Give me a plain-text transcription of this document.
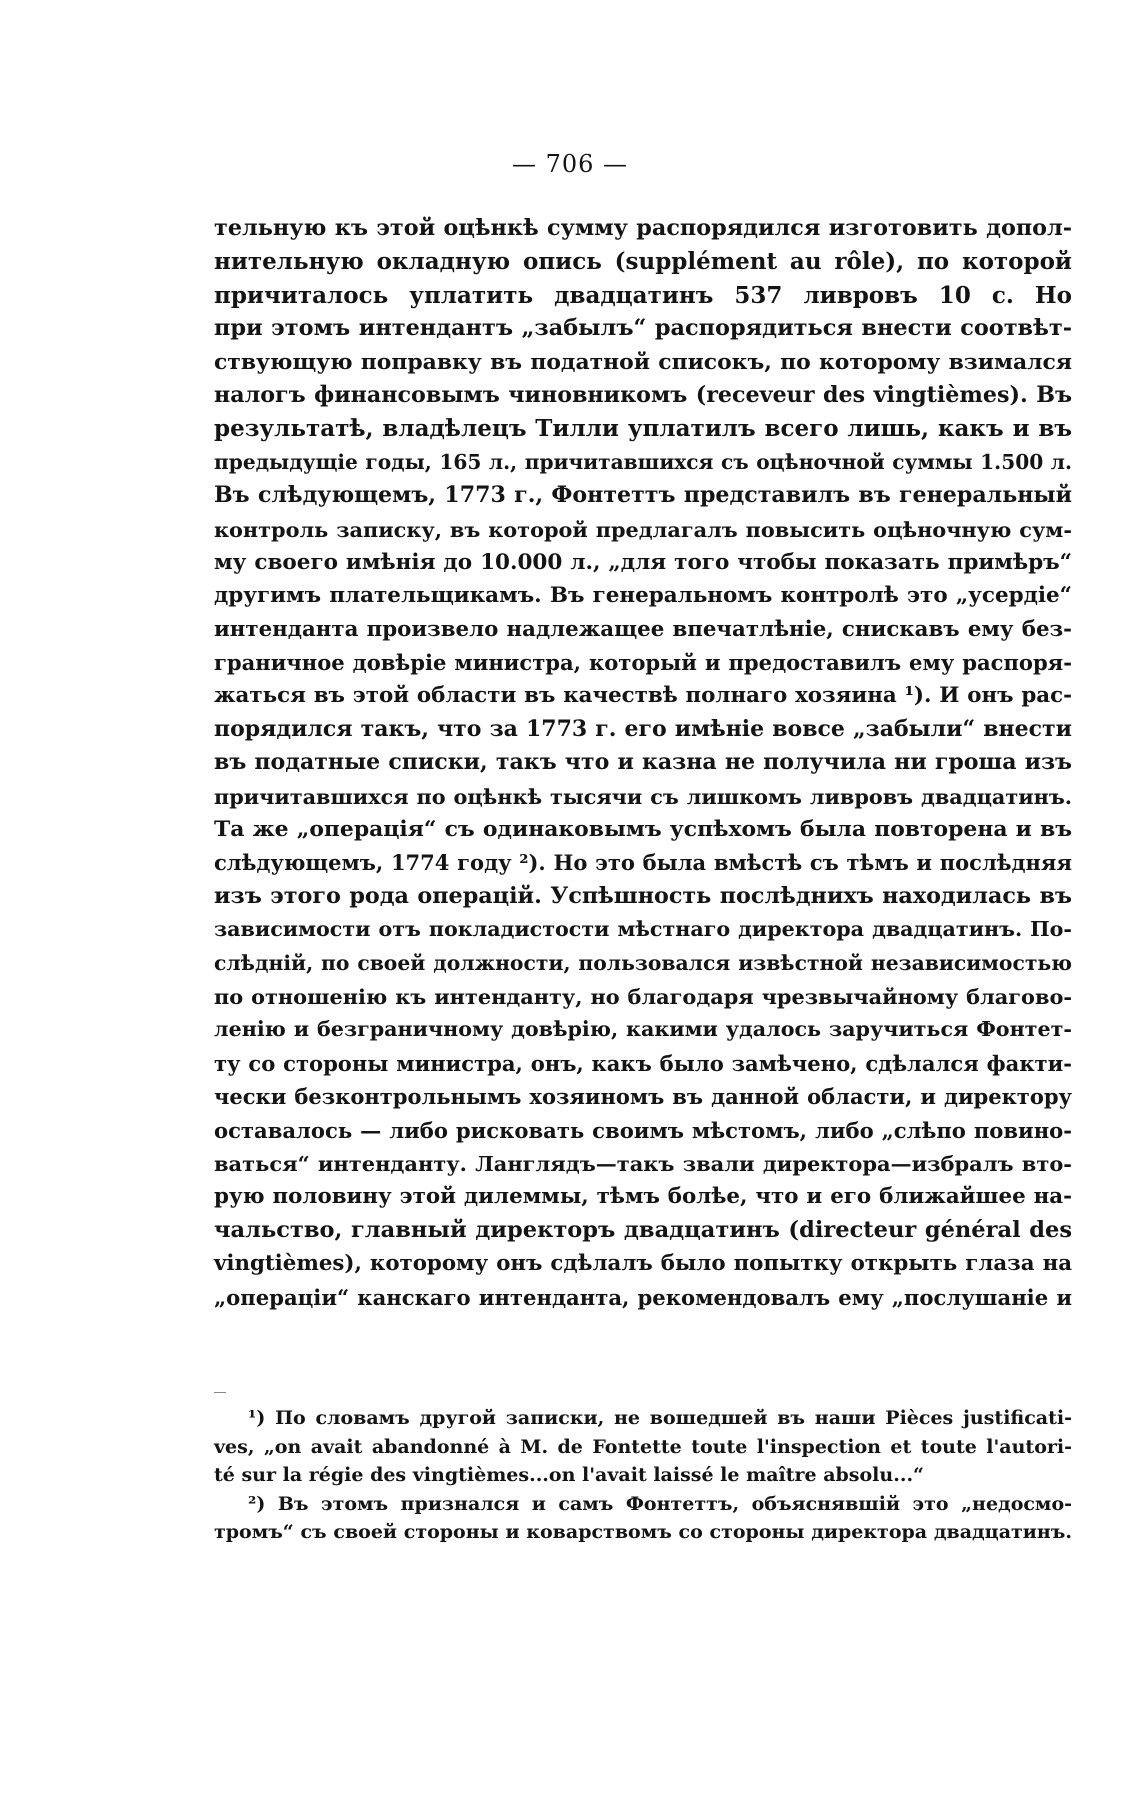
— 706 —
тельную къ этой оцѣнкѣ сумму распорядился изготовить допол-
нительную окладную опись (supplément au rôle), по которой
причиталось уплатить двадцатинъ 537 ливровъ 10 с. Но
при этомъ интендантъ „забылъ“ распорядиться внести соотвѣт-
ствующую поправку въ податной списокъ, по которому взимался
налогъ финансовымъ чиновникомъ (receveur des vingtièmes). Въ
результатѣ, владѣлецъ Тилли уплатилъ всего лишь, какъ и въ
предыдущіе годы, 165 л., причитавшихся съ оцѣночной суммы 1.500 л.
Въ слѣдующемъ, 1773 г., Фонтеттъ представилъ въ генеральный
контроль записку, въ которой предлагалъ повысить оцѣночную сум-
му своего имѣнія до 10.000 л., „для того чтобы показать примѣръ“
другимъ плательщикамъ. Въ генеральномъ контролѣ это „усердіе“
интенданта произвело надлежащее впечатлѣніе, снискавъ ему без-
граничное довѣріе министра, который и предоставилъ ему распоря-
жаться въ этой области въ качествѣ полнаго хозяина ¹). И онъ рас-
порядился такъ, что за 1773 г. его имѣніе вовсе „забыли“ внести
въ податные списки, такъ что и казна не получила ни гроша изъ
причитавшихся по оцѣнкѣ тысячи съ лишкомъ ливровъ двадцатинъ.
Та же „операція“ съ одинаковымъ успѣхомъ была повторена и въ
слѣдующемъ, 1774 году ²). Но это была вмѣстѣ съ тѣмъ и послѣдняя
изъ этого рода операцій. Успѣшность послѣднихъ находилась въ
зависимости отъ покладистости мѣстнаго директора двадцатинъ. По-
слѣдній, по своей должности, пользовался извѣстной независимостью
по отношенію къ интенданту, но благодаря чрезвычайному благово-
ленію и безграничному довѣрію, какими удалось заручиться Фонтет-
ту со стороны министра, онъ, какъ было замѣчено, сдѣлался факти-
чески безконтрольнымъ хозяиномъ въ данной области, и директору
оставалось — либо рисковать своимъ мѣстомъ, либо „слѣпо повино-
ваться“ интенданту. Ланглядъ—такъ звали директора—избралъ вто-
рую половину этой дилеммы, тѣмъ болѣе, что и его ближайшее на-
чальство, главный директоръ двадцатинъ (directeur général des
vingtièmes), которому онъ сдѣлалъ было попытку открыть глаза на
„операціи“ канскаго интенданта, рекомендовалъ ему „послушаніе и
¹) По словамъ другой записки, не вошедшей въ наши Pièces justificati-
ves, „on avait abandonné à M. de Fontette toute l'inspection et toute l'autori-
té sur la régie des vingtièmes...on l'avait laissé le maître absolu...“
²) Въ этомъ признался и самъ Фонтеттъ, объяснявшій это „недосмо-
тромъ“ съ своей стороны и коварствомъ со стороны директора двадцатинъ.
